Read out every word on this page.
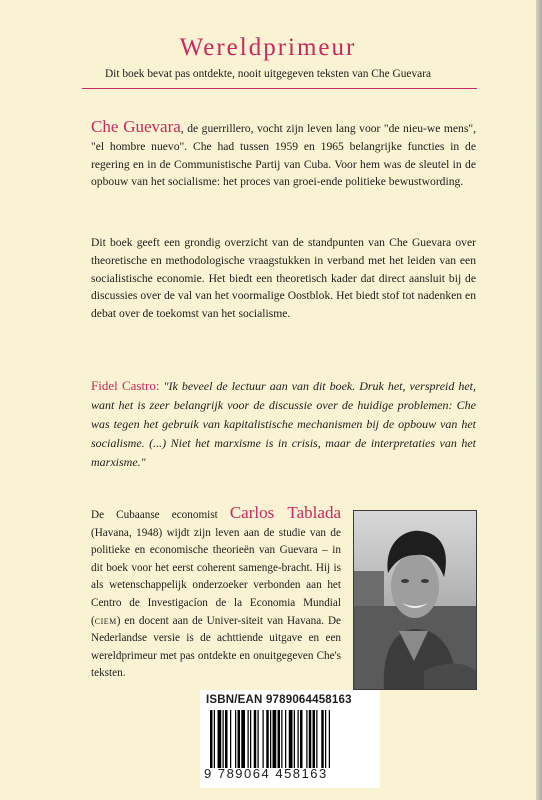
Wereldprimeur
Dit boek bevat pas ontdekte, nooit uitgegeven teksten van Che Guevara
Che Guevara, de guerrillero, vocht zijn leven lang voor "de nieu-we mens", "el hombre nuevo". Che had tussen 1959 en 1965 belangrijke functies in de regering en in de Communistische Partij van Cuba. Voor hem was de sleutel in de opbouw van het socialisme: het proces van groei-ende politieke bewustwording.
Dit boek geeft een grondig overzicht van de standpunten van Che Guevara over theoretische en methodologische vraagstukken in verband met het leiden van een socialistische economie. Het biedt een theoretisch kader dat direct aansluit bij de discussies over de val van het voormalige Oostblok. Het biedt stof tot nadenken en debat over de toekomst van het socialisme.
Fidel Castro: "Ik beveel de lectuur aan van dit boek. Druk het, verspreid het, want het is zeer belangrijk voor de discussie over de huidige problemen: Che was tegen het gebruik van kapitalistische mechanismen bij de opbouw van het socialisme. (...) Niet het marxisme is in crisis, maar de interpretaties van het marxisme."
De Cubaanse economist Carlos Tablada (Havana, 1948) wijdt zijn leven aan de studie van de politieke en economische theorieën van Guevara – in dit boek voor het eerst coherent samenge-bracht. Hij is als wetenschappelijk onderzoeker verbonden aan het Centro de Investigacíon de la Economia Mundial (CIEM) en docent aan de Univer-siteit van Havana. De Nederlandse versie is de achttiende uitgave en een wereldprimeur met pas ontdekte en onuitgegeven Che's teksten.
ISBN/EAN 9789064458163
9 789064 458163
